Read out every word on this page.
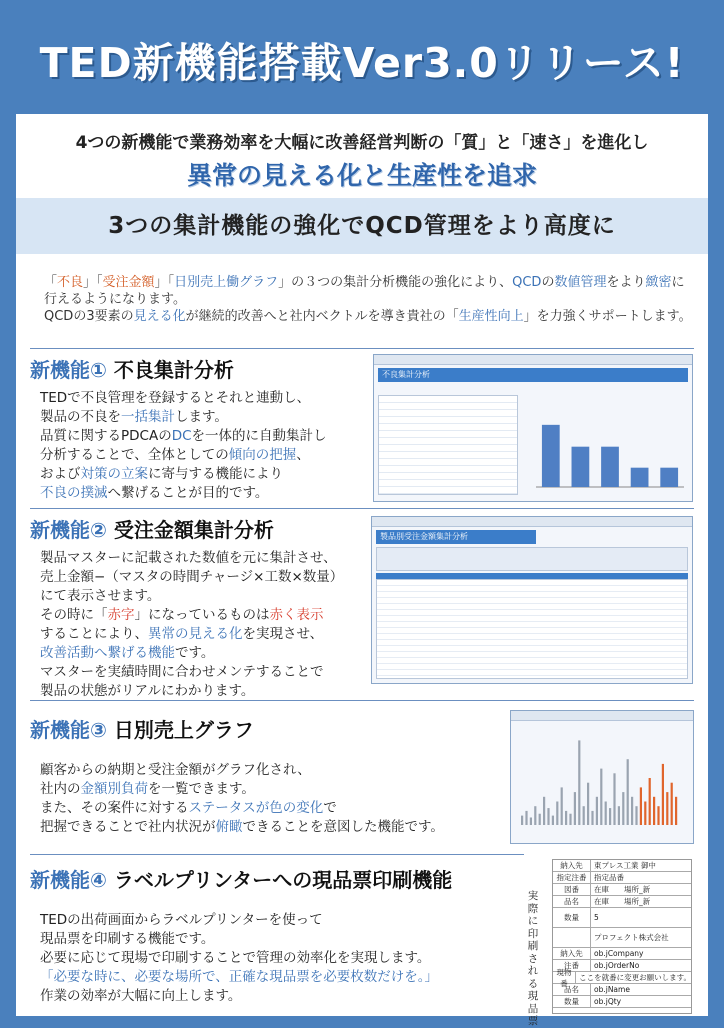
TED新機能搭載Ver3.0リリース!
4つの新機能で業務効率を大幅に改善経営判断の「質」と「速さ」を進化し
異常の見える化と生産性を追求
3つの集計機能の強化でQCD管理をより高度に
「不良」「受注金額」「日別売上働グラフ」の３つの集計分析機能の強化により、QCDの数値管理をより緻密に行えるようになります。
QCDの3要素の見える化が継続的改善へと社内ベクトルを導き貴社の「生産性向上」を力強くサポートします。
新機能① 不良集計分析
TEDで不良管理を登録するとそれと連動し、
製品の不良を一括集計します。
品質に関するPDCAのDCを一体的に自動集計し
分析することで、全体としての傾向の把握、
および対策の立案に寄与する機能により
不良の撲滅へ繋げることが目的です。
不良集計分析
新機能② 受注金額集計分析
製品マスターに記載された数値を元に集計させ、
売上金額−（マスタの時間チャージ×工数×数量）
にて表示させます。
その時に「赤字」になっているものは赤く表示
することにより、異常の見える化を実現させ、
改善活動へ繋げる機能です。
マスターを実績時間に合わせメンテすることで
製品の状態がリアルにわかります。
製品別受注金額集計分析
新機能③ 日別売上グラフ
顧客からの納期と受注金額がグラフ化され、
社内の金額別負荷を一覧できます。
また、その案件に対するステータスが色の変化で
把握できることで社内状況が俯瞰できることを意図した機能です。
新機能④ ラベルプリンターへの現品票印刷機能
TEDの出荷画面からラベルプリンターを使って
現品票を印刷する機能です。
必要に応じて現場で印刷することで管理の効率化を実現します。
「必要な時に、必要な場所で、正確な現品票を必要枚数だけを。」
作業の効率が大幅に向上します。
実際に印刷される現品票
納入先	東プレス工業 御中
指定注番	指定品番
図番	在庫　　場所_新
品名	在庫　　場所_新
数量	5
プロフェクト株式会社
納入先	ob.jCompany
注番	ob.jOrderNo
現物番
ここを就番に変更お願いします。
品名	ob.jName
数量	ob.jQty
